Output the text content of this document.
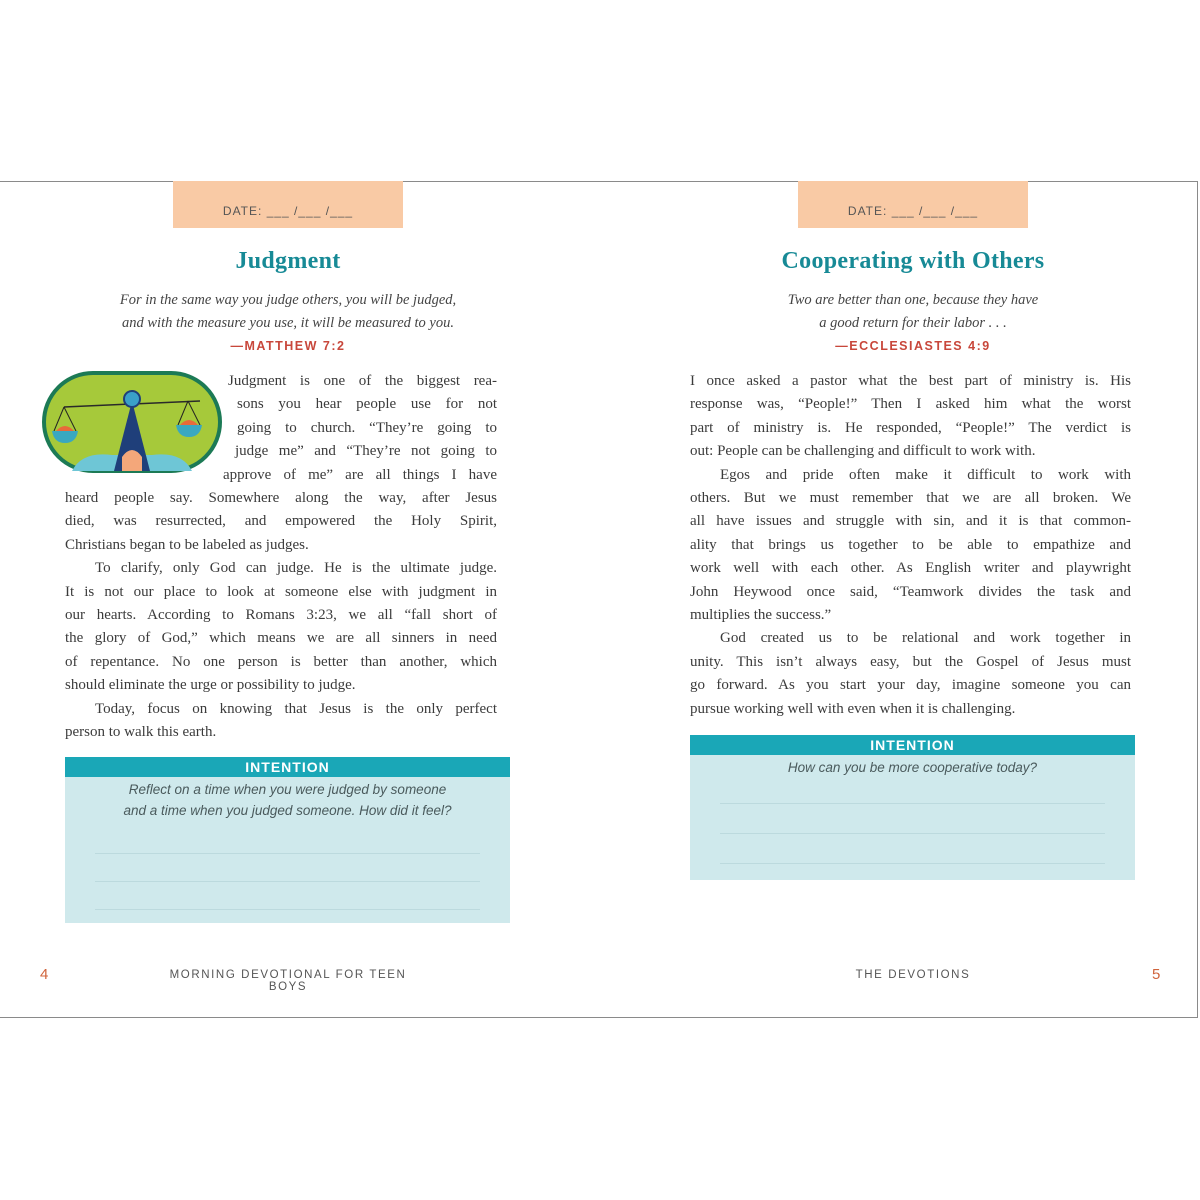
DATE: ___ /___ /___
Judgment
For in the same way you judge others, you will be judged,
and with the measure you use, it will be measured to you.
—MATTHEW 7:2
Judgment is one of the biggest rea-
sons you hear people use for not
going to church. “They’re going to
judge me” and “They’re not going to
approve of me” are all things I have
heard people say. Somewhere along the way, after Jesus
died, was resurrected, and empowered the Holy Spirit,
Christians began to be labeled as judges.
To clarify, only God can judge. He is the ultimate judge.
It is not our place to look at someone else with judgment in
our hearts. According to Romans 3:23, we all “fall short of
the glory of God,” which means we are all sinners in need
of repentance. No one person is better than another, which
should eliminate the urge or possibility to judge.
Today, focus on knowing that Jesus is the only perfect
person to walk this earth.
INTENTION
Reflect on a time when you were judged by someone
and a time when you judged someone. How did it feel?
4	MORNING DEVOTIONAL FOR TEEN BOYS
DATE: ___ /___ /___
Cooperating with Others
Two are better than one, because they have
a good return for their labor . . .
—ECCLESIASTES 4:9
I once asked a pastor what the best part of ministry is. His
response was, “People!” Then I asked him what the worst
part of ministry is. He responded, “People!” The verdict is
out: People can be challenging and difficult to work with.
Egos and pride often make it difficult to work with
others. But we must remember that we are all broken. We
all have issues and struggle with sin, and it is that common-
ality that brings us together to be able to empathize and
work well with each other. As English writer and playwright
John Heywood once said, “Teamwork divides the task and
multiplies the success.”
God created us to be relational and work together in
unity. This isn’t always easy, but the Gospel of Jesus must
go forward. As you start your day, imagine someone you can
pursue working well with even when it is challenging.
INTENTION
How can you be more cooperative today?
THE DEVOTIONS	5
